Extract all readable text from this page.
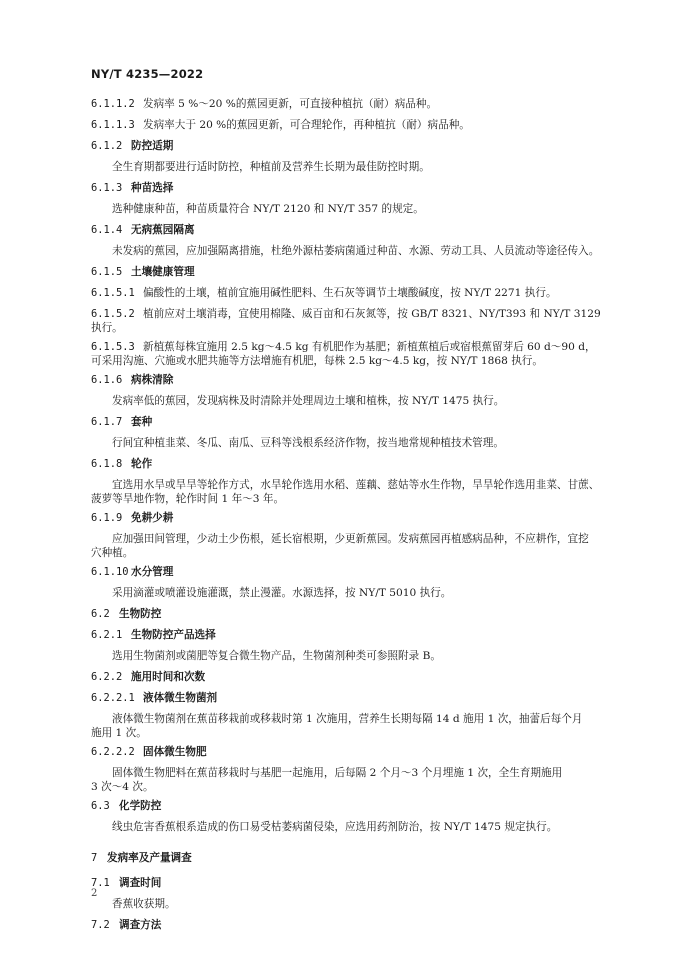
NY/T 4235—2022
6.1.1.2 发病率 5 %～20 %的蕉园更新，可直接种植抗（耐）病品种。
6.1.1.3 发病率大于 20 %的蕉园更新，可合理轮作，再种植抗（耐）病品种。
6.1.2 防控适期
全生育期都要进行适时防控，种植前及营养生长期为最佳防控时期。
6.1.3 种苗选择
选种健康种苗，种苗质量符合 NY/T 2120 和 NY/T 357 的规定。
6.1.4 无病蕉园隔离
未发病的蕉园，应加强隔离措施，杜绝外源枯萎病菌通过种苗、水源、劳动工具、人员流动等途径传入。
6.1.5 土壤健康管理
6.1.5.1 偏酸性的土壤，植前宜施用碱性肥料、生石灰等调节土壤酸碱度，按 NY/T 2271 执行。
6.1.5.2 植前应对土壤消毒，宜使用棉隆、威百亩和石灰氮等，按 GB/T 8321、NY/T393 和 NY/T 3129
执行。
6.1.5.3 新植蕉每株宜施用 2.5 kg～4.5 kg 有机肥作为基肥；新植蕉植后或宿根蕉留芽后 60 d～90 d，
可采用沟施、穴施或水肥共施等方法增施有机肥，每株 2.5 kg～4.5 kg，按 NY/T 1868 执行。
6.1.6 病株清除
发病率低的蕉园，发现病株及时清除并处理周边土壤和植株，按 NY/T 1475 执行。
6.1.7 套种
行间宜种植韭菜、冬瓜、南瓜、豆科等浅根系经济作物，按当地常规种植技术管理。
6.1.8 轮作
宜选用水旱或旱旱等轮作方式，水旱轮作选用水稻、莲藕、慈姑等水生作物，旱旱轮作选用韭菜、甘蔗、
菠萝等旱地作物，轮作时间 1 年～3 年。
6.1.9 免耕少耕
应加强田间管理，少动土少伤根，延长宿根期，少更新蕉园。发病蕉园再植感病品种，不应耕作，宜挖
穴种植。
6.1.10 水分管理
采用滴灌或喷灌设施灌溉，禁止漫灌。水源选择，按 NY/T 5010 执行。
6.2 生物防控
6.2.1 生物防控产品选择
选用生物菌剂或菌肥等复合微生物产品，生物菌剂种类可参照附录 B。
6.2.2 施用时间和次数
6.2.2.1 液体微生物菌剂
液体微生物菌剂在蕉苗移栽前或移栽时第 1 次施用，营养生长期每隔 14 d 施用 1 次，抽蕾后每个月
施用 1 次。
6.2.2.2 固体微生物肥
固体微生物肥料在蕉苗移栽时与基肥一起施用，后每隔 2 个月～3 个月埋施 1 次，全生育期施用
3 次～4 次。
6.3 化学防控
线虫危害香蕉根系造成的伤口易受枯萎病菌侵染，应选用药剂防治，按 NY/T 1475 规定执行。
7 发病率及产量调查
7.1 调查时间
香蕉收获期。
7.2 调查方法
2
